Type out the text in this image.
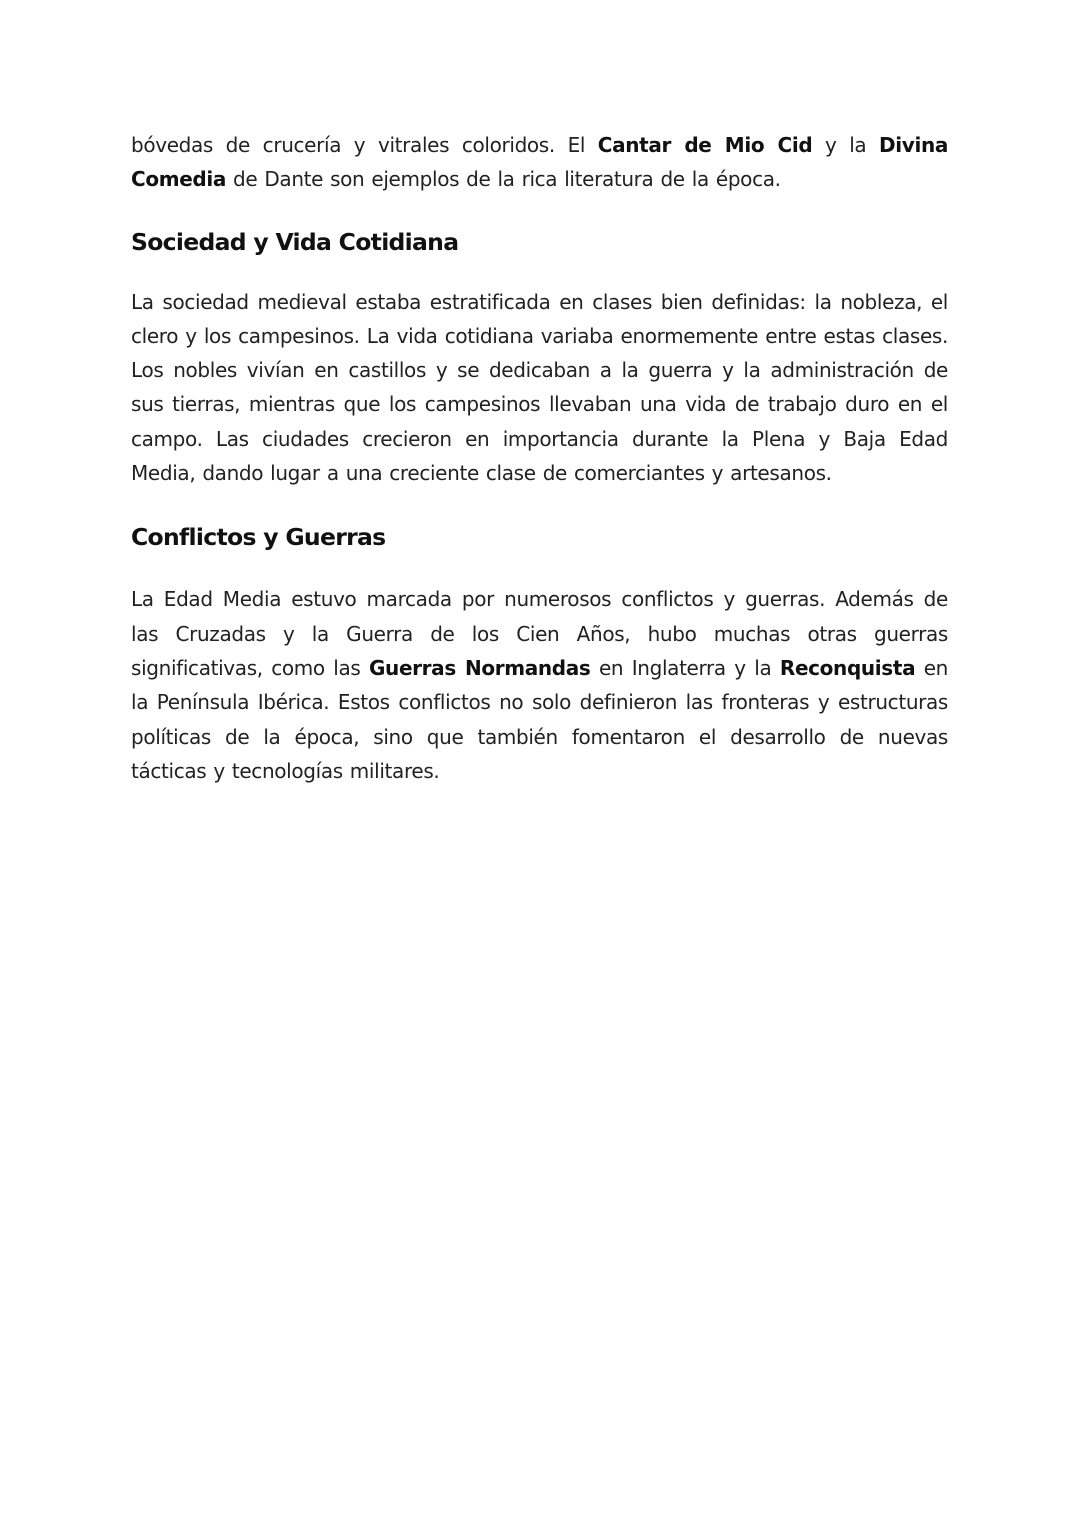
bóvedas de crucería y vitrales coloridos. El Cantar de Mio Cid y la Divina Comedia de Dante son ejemplos de la rica literatura de la época.

Sociedad y Vida Cotidiana

La sociedad medieval estaba estratificada en clases bien definidas: la nobleza, el clero y los campesinos. La vida cotidiana variaba enormemente entre estas clases. Los nobles vivían en castillos y se dedicaban a la guerra y la administración de sus tierras, mientras que los campesinos llevaban una vida de trabajo duro en el campo. Las ciudades crecieron en importancia durante la Plena y Baja Edad Media, dando lugar a una creciente clase de comerciantes y artesanos.

Conflictos y Guerras

La Edad Media estuvo marcada por numerosos conflictos y guerras. Además de las Cruzadas y la Guerra de los Cien Años, hubo muchas otras guerras significativas, como las Guerras Normandas en Inglaterra y la Reconquista en la Península Ibérica. Estos conflictos no solo definieron las fronteras y estructuras políticas de la época, sino que también fomentaron el desarrollo de nuevas tácticas y tecnologías militares.
